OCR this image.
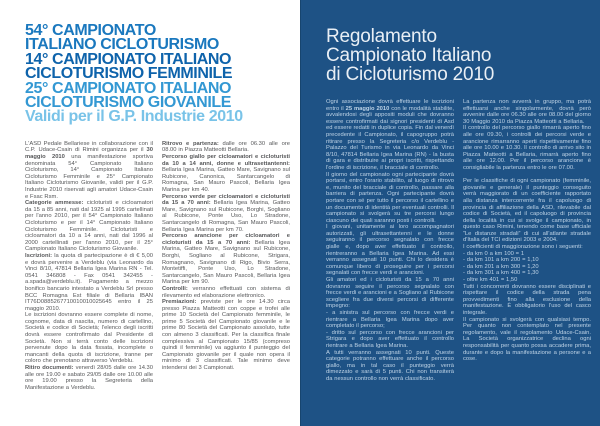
54° CAMPIONATO
ITALIANO CICLOTURISMO
14° CAMPIONATO ITALIANO
CICLOTURISMO FEMMINILE
25° CAMPIONATO ITALIANO
CICLOTURISMO GIOVANILE
Validi per il G.P. Industrie 2010

L'ASD Pedale Bellariese in collaborazione con il C.P. Udace-Csain di Rimini organizza per il 30 maggio 2010 una manifestazione sportiva denominata 54° Campionato Italiano Cicloturismo, 14° Campionato Italiano Cicloturismo Femminile e 25° Campionato Italiano Cicloturismo Giovanile, validi per il G.P. Industrie 2010 riservati agli amatori Udace-Csain e Fsac Rsm.

Categorie ammesse: cicloturisti e cicloamatori da 15 a 85 anni, nati dal 1925 al 1995 cartellinati per l'anno 2010, per il 54° Campionato Italiano Cicloturismo e per il 14° Campionato Italiano Cicloturismo Femminile. Cicloturisti e cicloamatori da 10 a 14 anni, nati dal 1996 al 2000 cartellinati per l'anno 2010, per il 25° Campionato Italiano Cicloturismo Giovanile.

Iscrizioni: la quota di partecipazione è di € 5,00 e dovrà pervenire a Verdeblu (via Leonardo da Vinci 8/10, 47814 Bellaria Igea Marina RN - Tel. 0541 346808 - Fax 0541 342455 - a.spada@verdeblu.it). Pagamento a mezzo bonifico bancario intestato a Verdeblu Srl presso BCC Romagna Est filiale di Bellaria IBAN IT76D0885267710010010025645 entro il 25 maggio 2010.

Le iscrizioni dovranno essere complete di nome, cognome, data di nascita, numero di cartellino, Società e codice di Società; l'elenco degli iscritti dovrà essere controfirmato dal Presidente di Società. Non si terrà conto delle iscrizioni pervenute dopo la data fissata, incomplete o mancanti della quota di iscrizione, tranne per coloro che prenotano attraverso Verdeblu.

Ritiro documenti: venerdì 28/05 dalle ore 14.30 alle ore 19.00 e sabato 29/05 dalle ore 10.00 alle ore 19.00 presso la Segreteria della Manifestazione a Verdeblu.

Ritrovo e partenza: dalle ore 06.30 alle ore 08.00 in Piazza Matteotti Bellaria.

Percorso giallo per cicloamatori e cicloturisti da 10 a 14 anni, donne e ultrasettantenni: Bellaria Igea Marina, Gatteo Mare, Savignano sul Rubicone, Canonica, Santarcangelo di Romagna, San Mauro Pascoli, Bellaria Igea Marina per km 40.

Percorso verde per cicloamatori e cicloturisti da 15 a 70 anni: Bellaria Igea Marina, Gatteo Mare, Savignano sul Rubicone, Borghi, Sogliano al Rubicone, Ponte Uso, Lo Stradone, Santarcangelo di Romagna, San Mauro Pascoli, Bellaria Igea Marina per km 70.

Percorso arancione per cicloamatori e cicloturisti da 15 a 70 anni: Bellaria Igea Marina, Gatteo Mare, Savignano sul Rubicone, Borghi, Sogliano al Rubicone, Strigara, Romagnano, Savignano di Rigo, Bivio Serra, Montetiffi, Ponte Uso, Lo Stradone, Santarcangelo, San Mauro Pascoli, Bellaria Igea Marina per km 90.

Controlli: verranno effettuati con sistema di rilevamento ed elaborazione elettronico.

Premiazioni: previste per le ore 14.30 circa presso Piazza Matteotti con coppe e trofei alle prime 10 Società del Campionato femminile, le prime 5 Società del Campionato giovanile e le prime 80 Società del Campionato assoluto, tutte con almeno 3 classificati. Per la classifica finale complessiva al Campionato 15/85 (compreso quindi il femminile) va aggiunto il punteggio del Campionato giovanile per il quale non opera il minimo di 3 classificati. Tale minimo deve intendersi dei 3 Campionati.

Regolamento
Campionato Italiano
di Cicloturismo 2010

Ogni associazione dovrà effettuare le iscrizioni entro il 25 maggio 2010 con le modalità stabilite, avvalendosi degli appositi moduli che dovranno essere controfirmati dai signori presidenti di Asd ed essere redatti in duplice copia. Fin dal venerdì precedente il Campionato, il capogruppo potrà ritirare presso la Segreteria c/o Verdeblu - Palazzo del Turismo in via Leonardo da Vinci 8/10, 47814 Bellaria Igea Marina (RN) - la busta di gara e distribuire ai propri iscritti, rispettando l'ordine di iscrizione, il bracciale di controllo.

Il giorno del campionato ogni partecipante dovrà portarsi, entro l'orario stabilito, al luogo di ritrovo e, munito del bracciale di controllo, passare alla barriera di partenza. Ogni partecipante dovrà portare con sé per tutto il percorso il cartellino e un documento di identità per eventuali controlli. Il campionato si svolgerà su tre percorsi lungo ciascuno dei quali saranno posti i controlli.

I giovani, unitamente ai loro accompagnatori autorizzati, gli ultrasettantenni e le donne seguiranno il percorso segnalato con frecce gialle e, dopo aver effettuato il controllo, rientreranno a Bellaria Igea Marina. Ad essi verranno assegnati 10 punti. Chi lo desidera è comunque libero di proseguire per i percorsi segnalati con frecce verdi e arancioni.

Gli amatori ed i cicloturisti da 15 a 70 anni dovranno seguire il percorso segnalato con frecce verdi e arancioni e a Sogliano al Rubicone scegliere fra due diversi percorsi di differente impegno:

- a sinistra sul percorso con frecce verdi e rientrare a Bellaria Igea Marina dopo aver completato il percorso;

- dritto sul percorso con frecce arancioni per Strigara e dopo aver effettuato il controllo rientrare a Bellaria Igea Marina.

A tutti verranno assegnati 10 punti. Queste categorie potranno effettuare anche il percorso giallo, ma in tal caso il punteggio verrà dimezzato e sarà di 5 punti. Chi non transiterà da nessun controllo non verrà classificato.

La partenza non avverrà in gruppo, ma potrà effettuarsi anche singolarmente, dovrà però avvenire dalle ore 06.30 alle ore 08.00 del giorno 30 Maggio 2010 da Piazza Matteotti a Bellaria.

Il controllo del percorso giallo rimarrà aperto fino alle ore 09.30, i controlli dei percorsi verde e arancione rimarranno aperti rispettivamente fino alle ore 10.00 e 10.30. Il controllo di arrivo sito in Piazza Matteotti a Bellaria, rimarrà aperto fino alle ore 12.00. Per il percorso arancione è consigliabile la partenza entro le ore 07.00.

Per le classifiche di ogni campionato (femminile, giovanile e generale) il punteggio conseguito verrà maggiorato di un coefficiente rapportato alla distanza intercorrente fra il capoluogo di provincia di affiliazione della ASD, rilevabile dal codice di Società, ed il capoluogo di provincia della località in cui si svolge il campionato, in questo caso Rimini, tenendo come base ufficiale “Le distanze stradali” di cui all'atlante stradale d'Italia del TCI edizioni 2003 e 2004.

I coefficienti di maggiorazione sono i seguenti:

- da km 0 a km 100 = 1

- da km 101 a km 200 = 1,10

- da km 201 a km 300 = 1,20

- da km 301 a km 400 = 1,30

- oltre km 401 = 1,50

Tutti i concorrenti dovranno essere disciplinati e rispettare il codice della strada pena provvedimenti fino alla esclusione della manifestazione. È obbligatorio l'uso del casco integrale.

Il campionato si svolgerà con qualsiasi tempo. Per quanto non contemplato nel presente regolamento, vale il regolamento Udace-Csain. La Società organizzatrice declina ogni responsabilità per quanto possa accadere prima, durante e dopo la manifestazione a persone e a cose.
